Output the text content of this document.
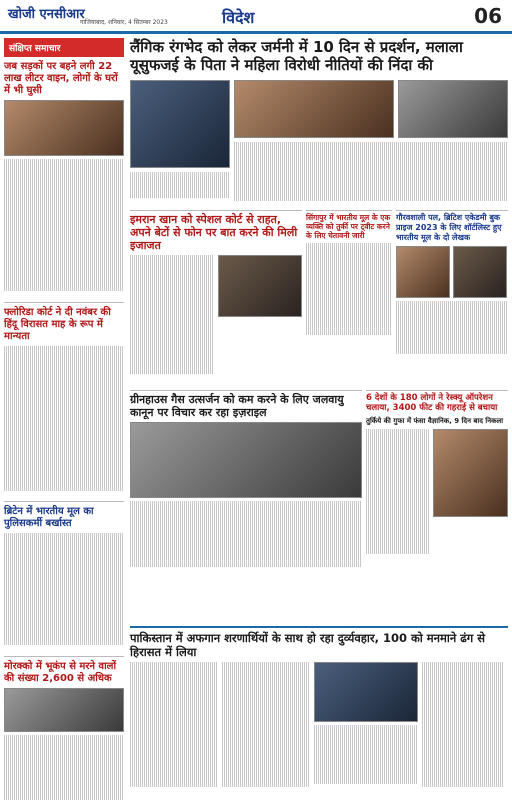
खोजी एनसीआर
गाजियाबाद, शनिवार, 4 सितम्बर 2023	विदेश	06
संक्षिप्त समाचार
जब सड़कों पर बहने लगी 22 लाख लीटर वाइन, लोगों के घरों में भी घुसी
फ्लोरिडा कोर्ट ने दी नवंबर की हिंदू विरासत माह के रूप में मान्यता
ब्रिटेन में भारतीय मूल का पुलिसकर्मी बर्खास्त
मोरक्को में भूकंप से मरने वालों की संख्या 2,600 से अधिक
लैंगिक रंगभेद को लेकर जर्मनी में 10 दिन से प्रदर्शन, मलाला यूसुफजई के पिता ने महिला विरोधी नीतियों की निंदा की
इमरान खान को स्पेशल कोर्ट से राहत, अपने बेटों से फोन पर बात करने की मिली इजाजत
सिंगापुर में भारतीय मूल के एक व्यक्ति को तुर्की पर ट्वीट करने के लिए चेतावनी जारी
गौरवशाली पल, ब्रिटिश एकेडमी बुक प्राइज 2023 के लिए शॉर्टलिस्ट हुए भारतीय मूल के दो लेखक
ग्रीनहाउस गैस उत्सर्जन को कम करने के लिए जलवायु कानून पर विचार कर रहा इज़राइल
6 देशों के 180 लोगों ने रेस्क्यू ऑपरेशन चलाया, 3400 फीट की गहराई से बचाया
तुर्किये की गुफा में फंसा वैज्ञानिक, 9 दिन बाद निकला
पाकिस्तान में अफगान शरणार्थियों के साथ हो रहा दुर्व्यवहार, 100 को मनमाने ढंग से हिरासत में लिया
